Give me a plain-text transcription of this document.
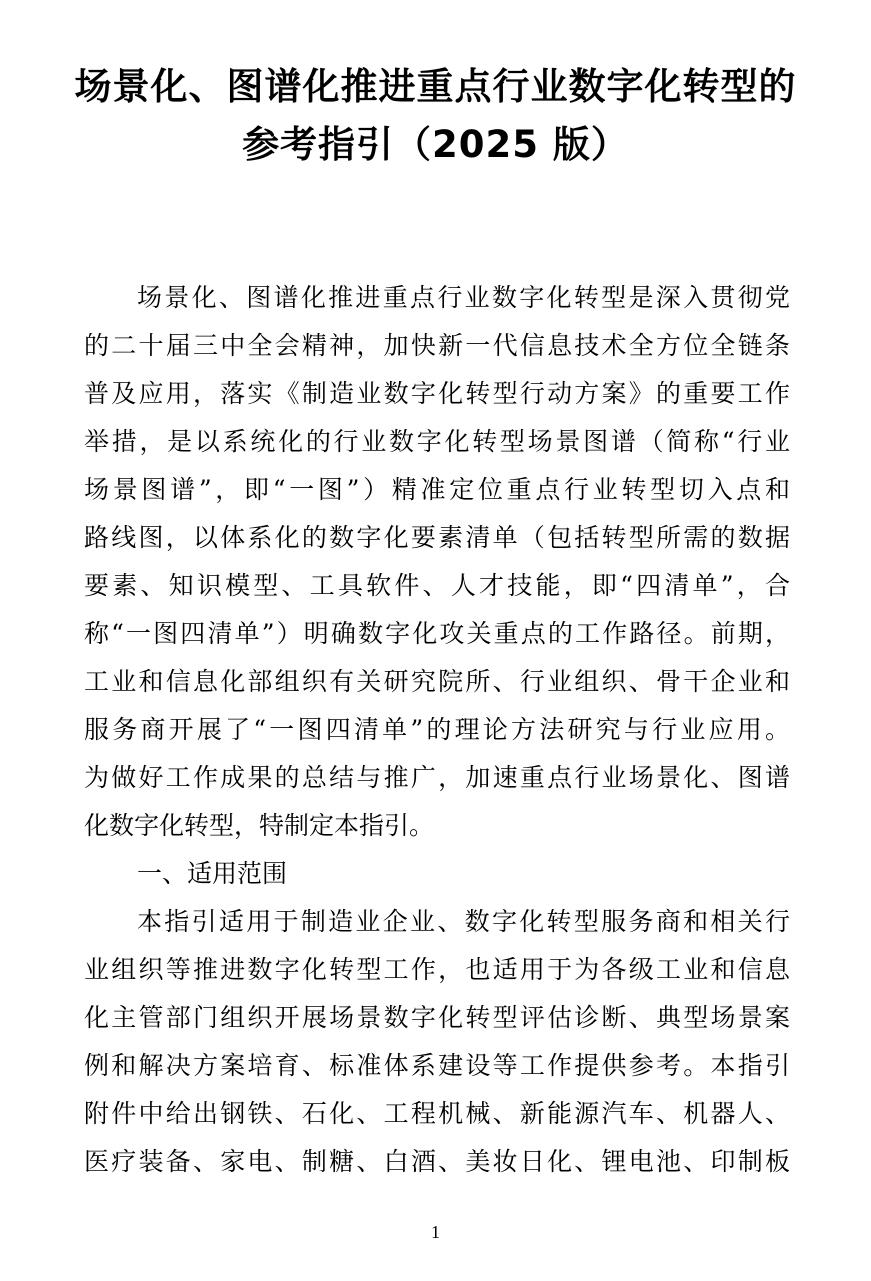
场景化、图谱化推进重点行业数字化转型的
参考指引（2025 版）
场景化、图谱化推进重点行业数字化转型是深入贯彻党
的二十届三中全会精神，加快新一代信息技术全方位全链条
普及应用，落实《制造业数字化转型行动方案》的重要工作
举措，是以系统化的行业数字化转型场景图谱（简称“行业
场景图谱”，即“一图”）精准定位重点行业转型切入点和
路线图，以体系化的数字化要素清单（包括转型所需的数据
要素、知识模型、工具软件、人才技能，即“四清单”，合
称“一图四清单”）明确数字化攻关重点的工作路径。前期，
工业和信息化部组织有关研究院所、行业组织、骨干企业和
服务商开展了“一图四清单”的理论方法研究与行业应用。
为做好工作成果的总结与推广，加速重点行业场景化、图谱
化数字化转型，特制定本指引。
一、适用范围
本指引适用于制造业企业、数字化转型服务商和相关行
业组织等推进数字化转型工作，也适用于为各级工业和信息
化主管部门组织开展场景数字化转型评估诊断、典型场景案
例和解决方案培育、标准体系建设等工作提供参考。本指引
附件中给出钢铁、石化、工程机械、新能源汽车、机器人、
医疗装备、家电、制糖、白酒、美妆日化、锂电池、印制板
1
